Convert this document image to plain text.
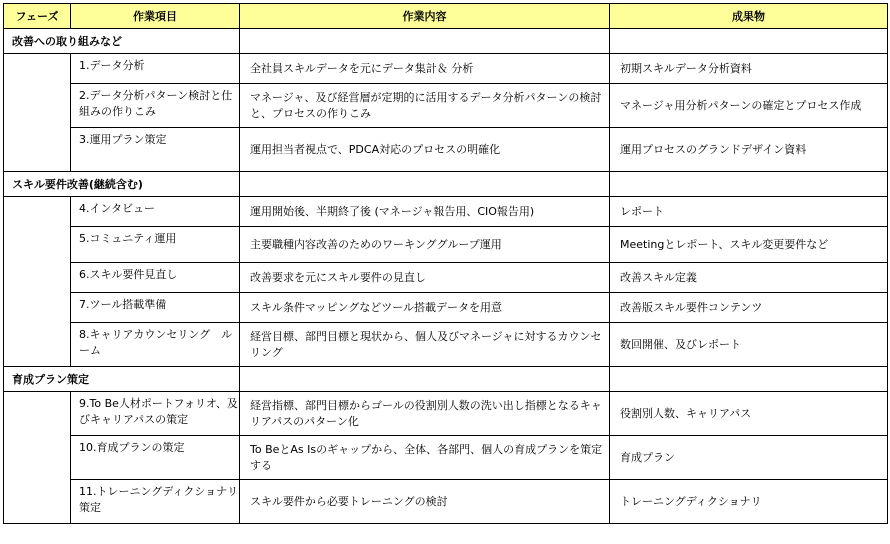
フェーズ	作業項目	作業内容	成果物
改善への取り組みなど			
	1.データ分析	全社員スキルデータを元にデータ集計＆ 分析	初期スキルデータ分析資料
	2.データ分析パターン検討と仕組みの作りこみ	マネージャ、及び経営層が定期的に活用するデータ分析パターンの検討と、プロセスの作りこみ	マネージャ用分析パターンの確定とプロセス作成
	3.運用プラン策定	運用担当者視点で、PDCA対応のプロセスの明確化	運用プロセスのグランドデザイン資料
スキル要件改善(継続含む)			
	4.インタビュー	運用開始後、半期終了後 (マネージャ報告用、CIO報告用)	レポート
	5.コミュニティ運用	主要職種内容改善のためのワーキンググループ運用	Meetingとレポート、スキル変更要件など
	6.スキル要件見直し	改善要求を元にスキル要件の見直し	改善スキル定義
	7.ツール搭載準備	スキル条件マッピングなどツール搭載データを用意	改善版スキル要件コンテンツ
	8.キャリアカウンセリング　ルーム	経営目標、部門目標と現状から、個人及びマネージャに対するカウンセリング	数回開催、及びレポート
育成プラン策定			
	9.To Be人材ポートフォリオ、及びキャリアパスの策定	経営指標、部門目標からゴールの役割別人数の洗い出し指標となるキャリアパスのパターン化	役割別人数、キャリアパス
	10.育成プランの策定	To BeとAs Isのギャップから、全体、各部門、個人の育成プランを策定する	育成プラン
	11.トレーニングディクショナリ　策定	スキル要件から必要トレーニングの検討	トレーニングディクショナリ
